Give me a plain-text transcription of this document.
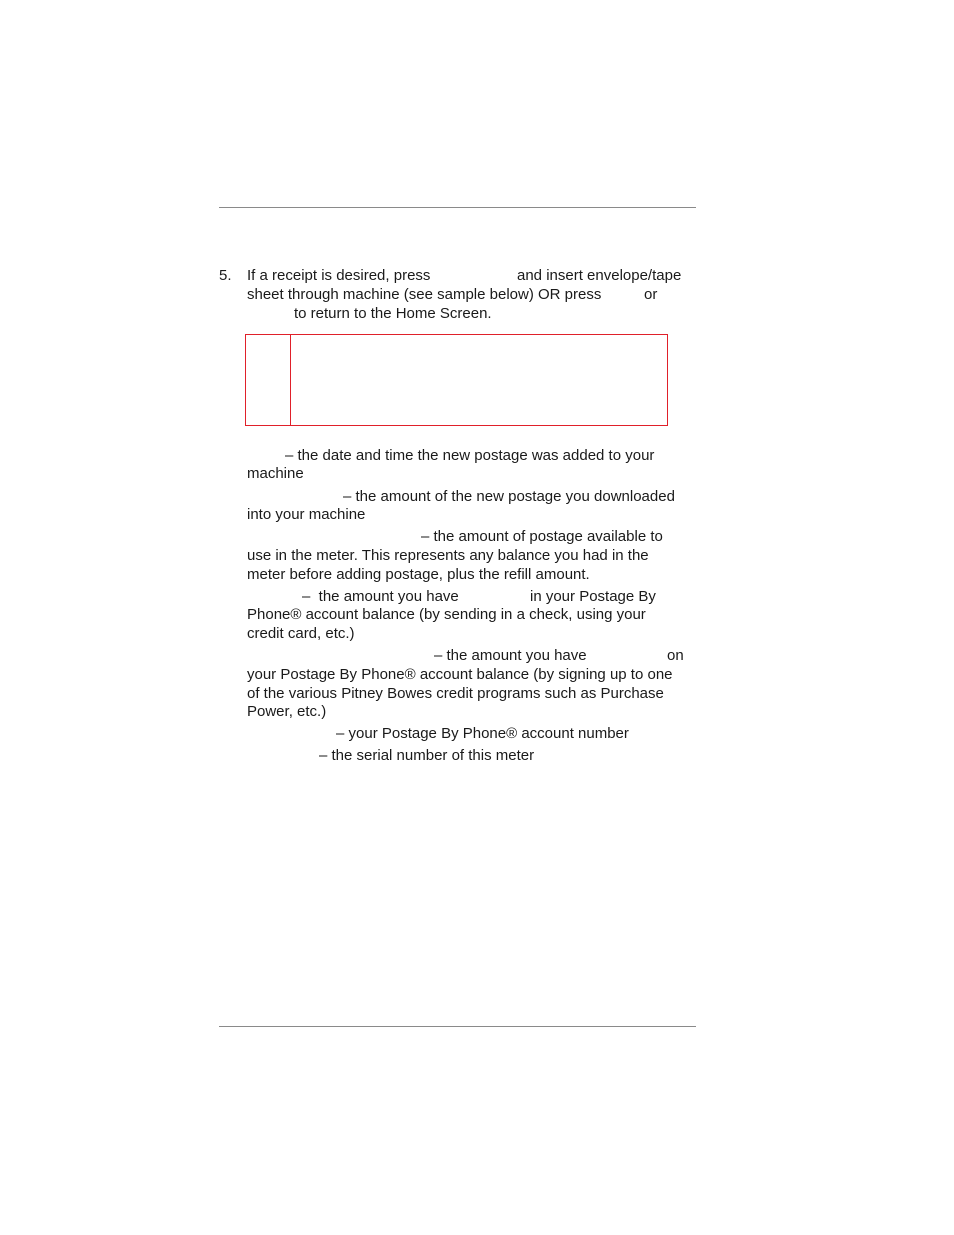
5. If a receipt is desired, press	and insert envelope/tape
sheet through machine (see sample below) OR press	or
to return to the Home Screen.
– the date and time the new postage was added to your
machine
– the amount of the new postage you downloaded
into your machine
– the amount of postage available to
use in the meter. This represents any balance you had in the
meter before adding postage, plus the refill amount.
–  the amount you have	in your Postage By
Phone® account balance (by sending in a check, using your
credit card, etc.)
– the amount you have	on
your Postage By Phone® account balance (by signing up to one
of the various Pitney Bowes credit programs such as Purchase
Power, etc.)
– your Postage By Phone® account number
– the serial number of this meter
